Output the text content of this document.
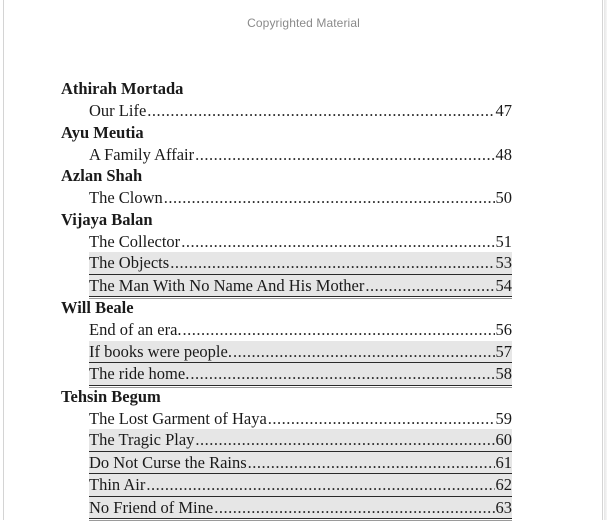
Copyrighted Material
Athirah Mortada
Our Life .....	47
Ayu Meutia
A Family Affair .....	48
Azlan Shah
The Clown .....	50
Vijaya Balan
The Collector .....	51
The Objects .....	53
The Man With No Name And His Mother .....	54
Will Beale
End of an era. .....	56
If books were people. .....	57
The ride home. .....	58
Tehsin Begum
The Lost Garment of Haya .....	59
The Tragic Play .....	60
Do Not Curse the Rains .....	61
Thin Air .....	62
No Friend of Mine .....	63
